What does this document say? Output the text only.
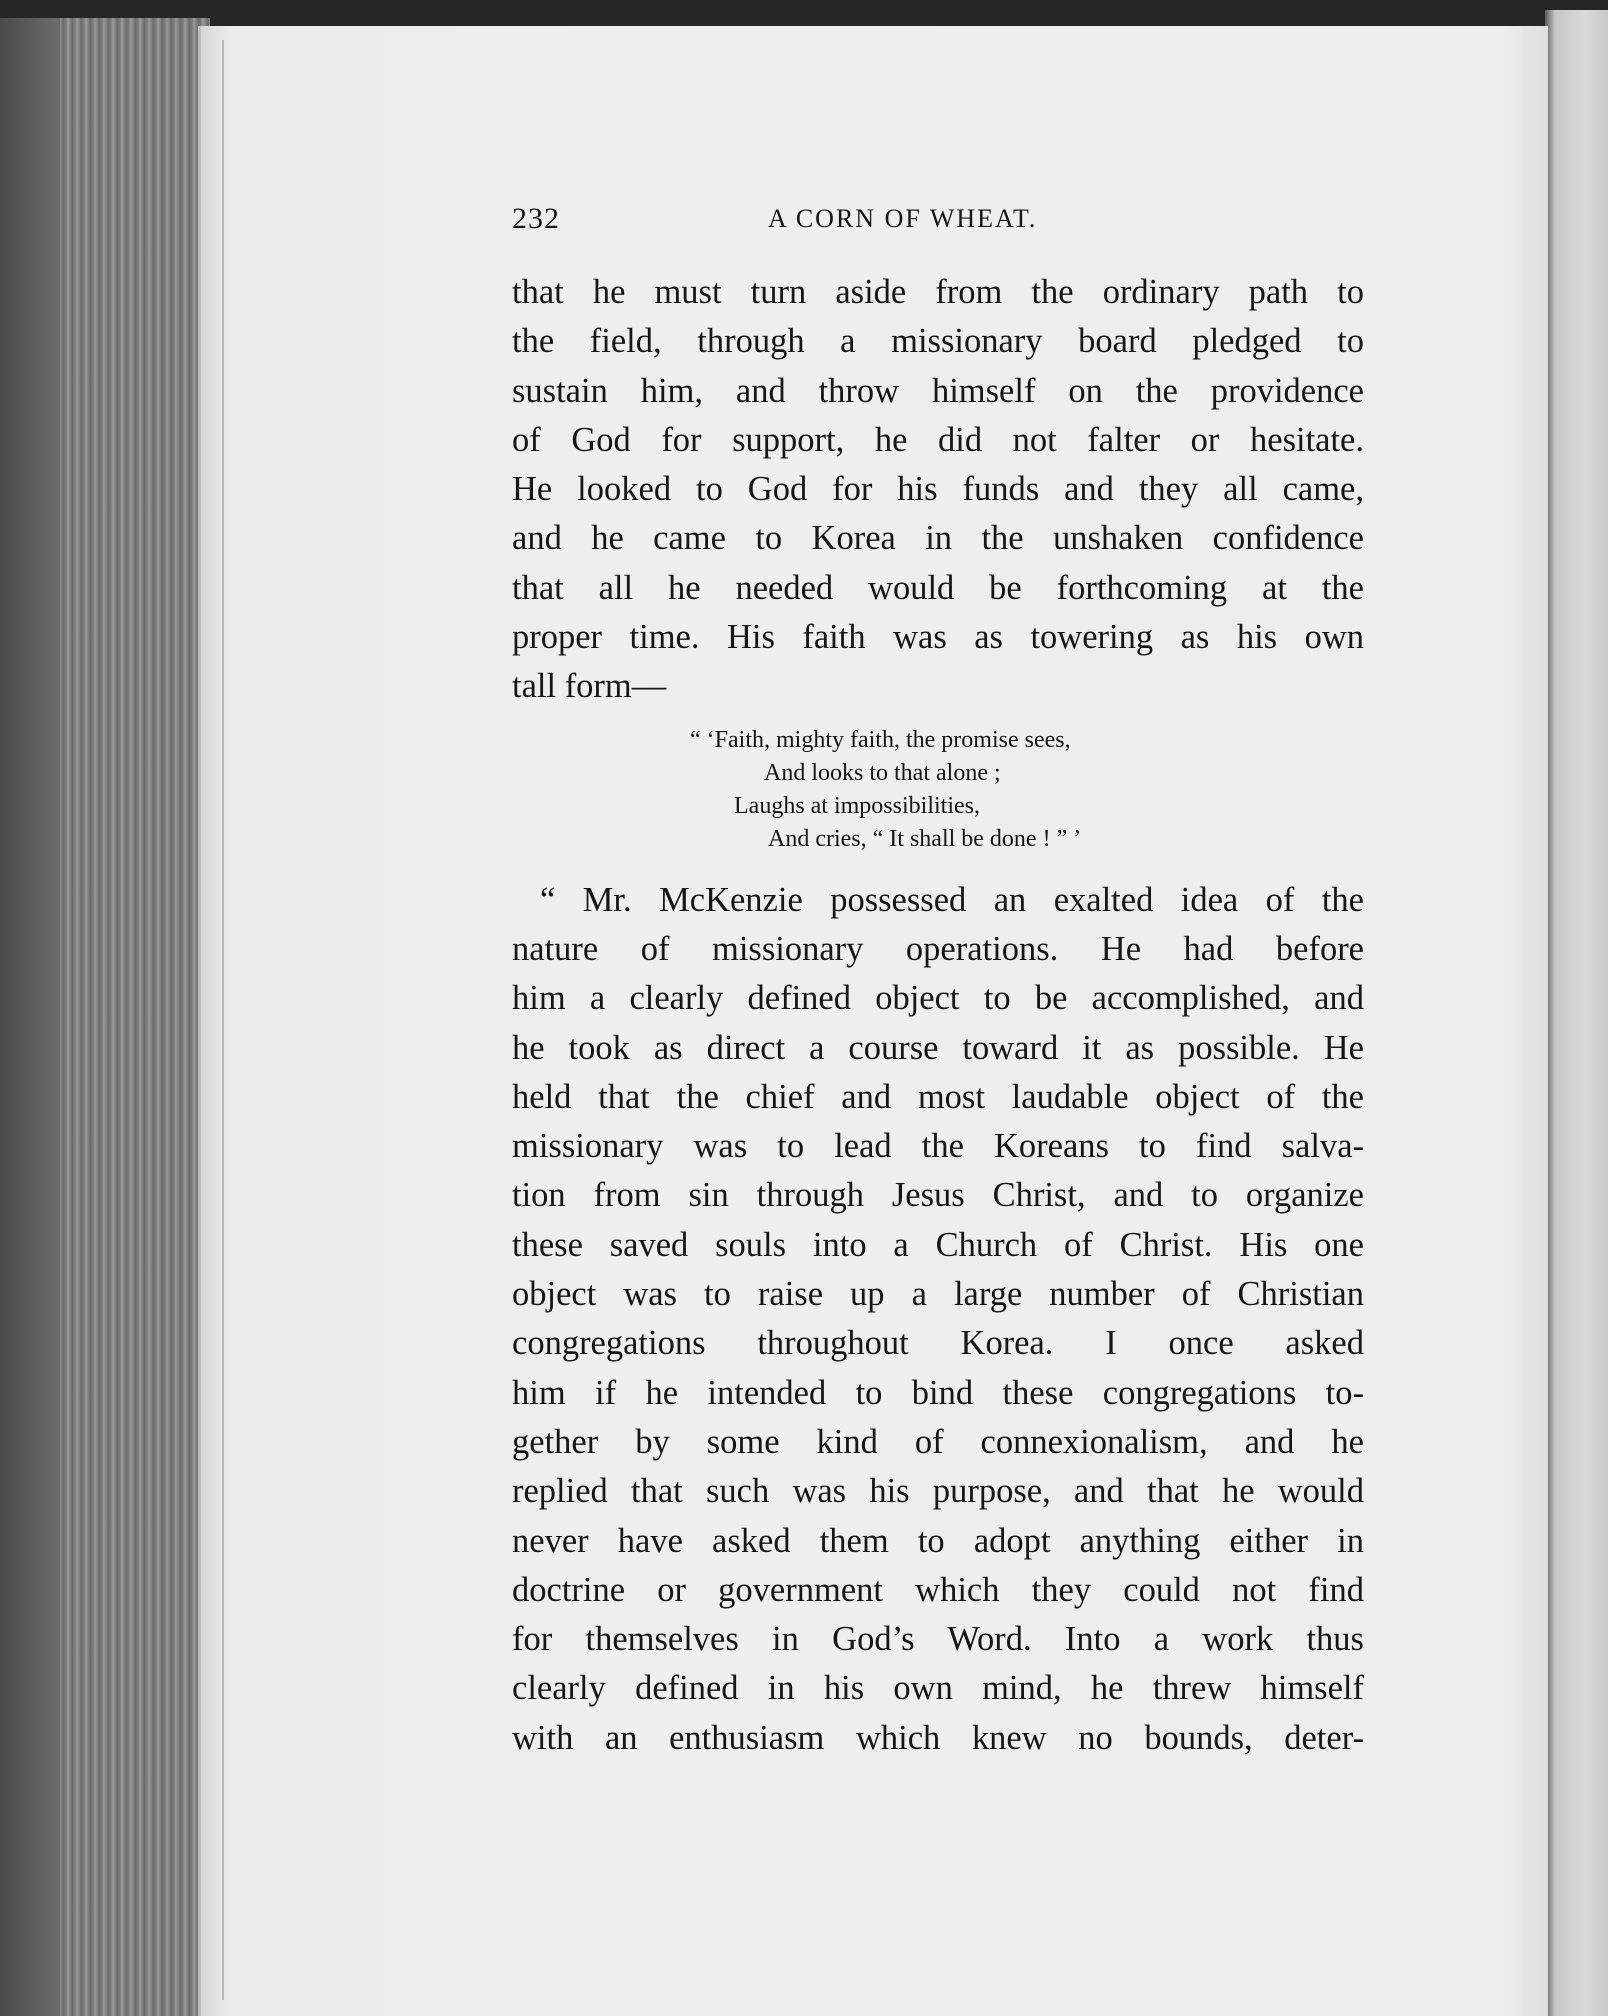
232	A CORN OF WHEAT.
that he must turn aside from the ordinary path to
the field, through a missionary board pledged to
sustain him, and throw himself on the providence
of God for support, he did not falter or hesitate.
He looked to God for his funds and they all came,
and he came to Korea in the unshaken confidence
that all he needed would be forthcoming at the
proper time. His faith was as towering as his own
tall form—
“ ‘Faith, mighty faith, the promise sees,
And looks to that alone ;
Laughs at impossibilities,
And cries, “ It shall be done ! ” ’
“ Mr. McKenzie possessed an exalted idea of the
nature of missionary operations. He had before
him a clearly defined object to be accomplished, and
he took as direct a course toward it as possible. He
held that the chief and most laudable object of the
missionary was to lead the Koreans to find salva-
tion from sin through Jesus Christ, and to organize
these saved souls into a Church of Christ. His one
object was to raise up a large number of Christian
congregations throughout Korea. I once asked
him if he intended to bind these congregations to-
gether by some kind of connexionalism, and he
replied that such was his purpose, and that he would
never have asked them to adopt anything either in
doctrine or government which they could not find
for themselves in God’s Word. Into a work thus
clearly defined in his own mind, he threw himself
with an enthusiasm which knew no bounds, deter-
